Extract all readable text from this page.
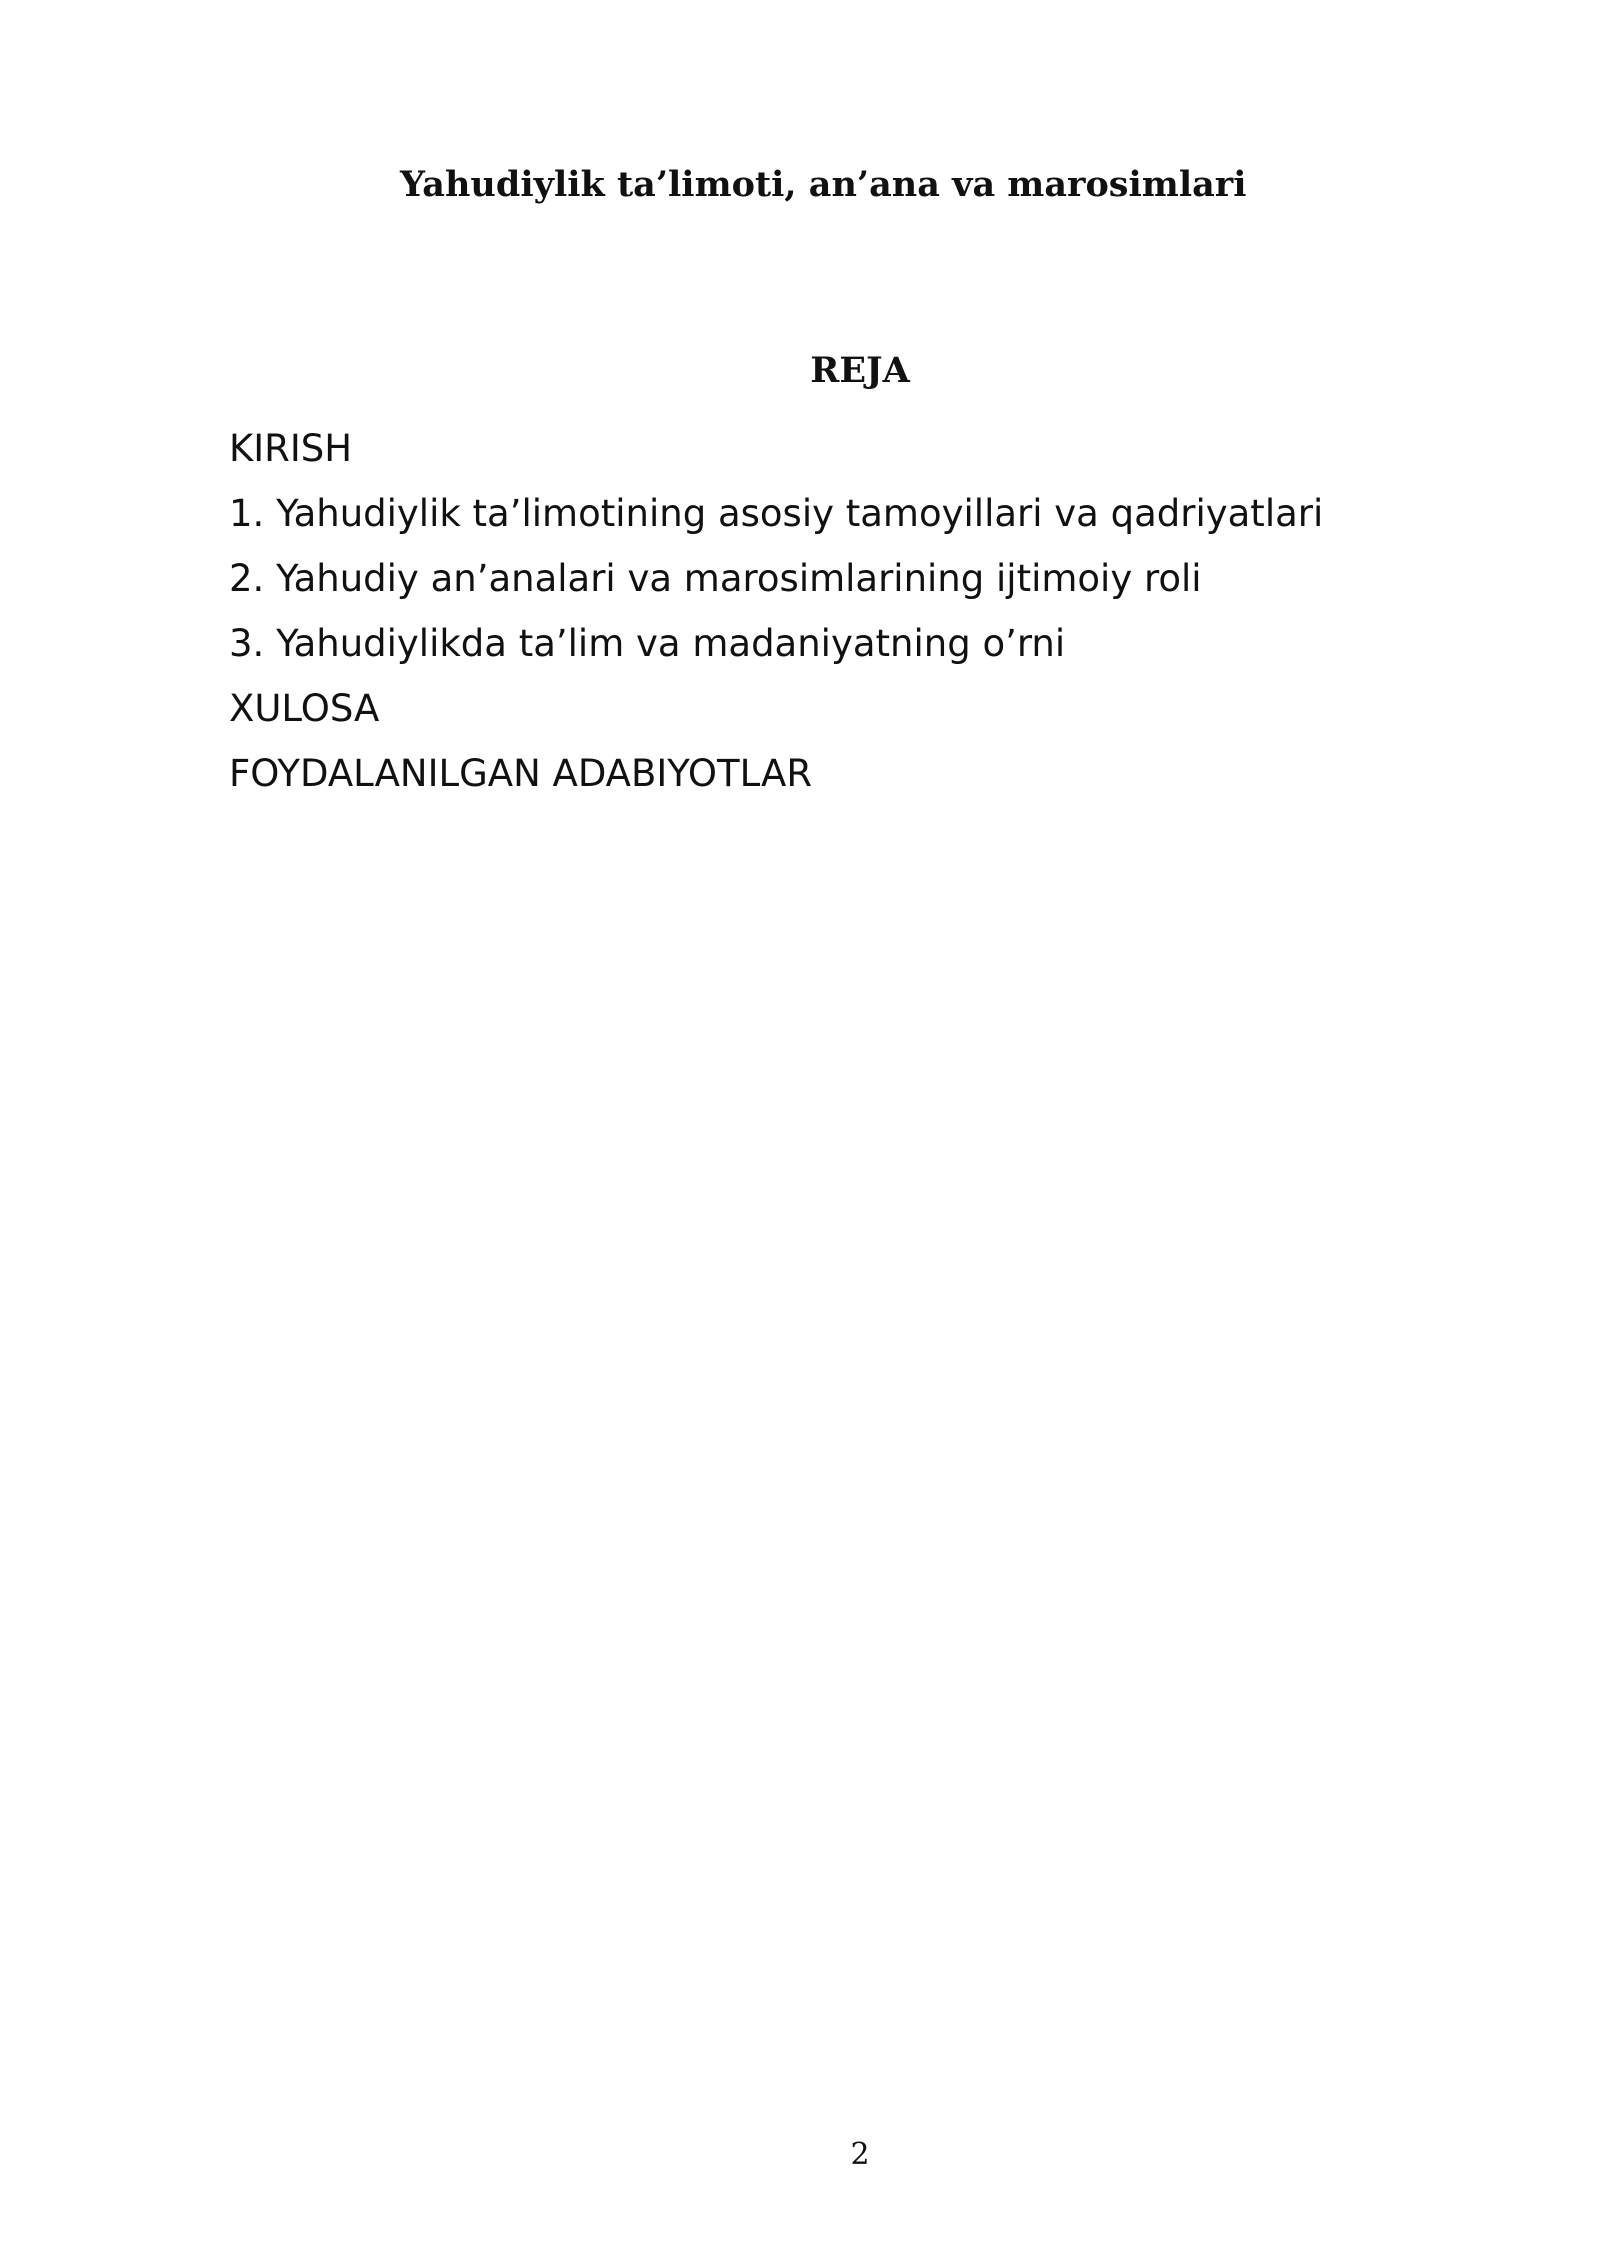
Yahudiylik ta’limoti, an’ana va marosimlari
REJA
KIRISH
1. Yahudiylik ta’limotining asosiy tamoyillari va qadriyatlari
2. Yahudiy an’analari va marosimlarining ijtimoiy roli
3. Yahudiylikda ta’lim va madaniyatning o’rni
XULOSA
FOYDALANILGAN ADABIYOTLAR
2
